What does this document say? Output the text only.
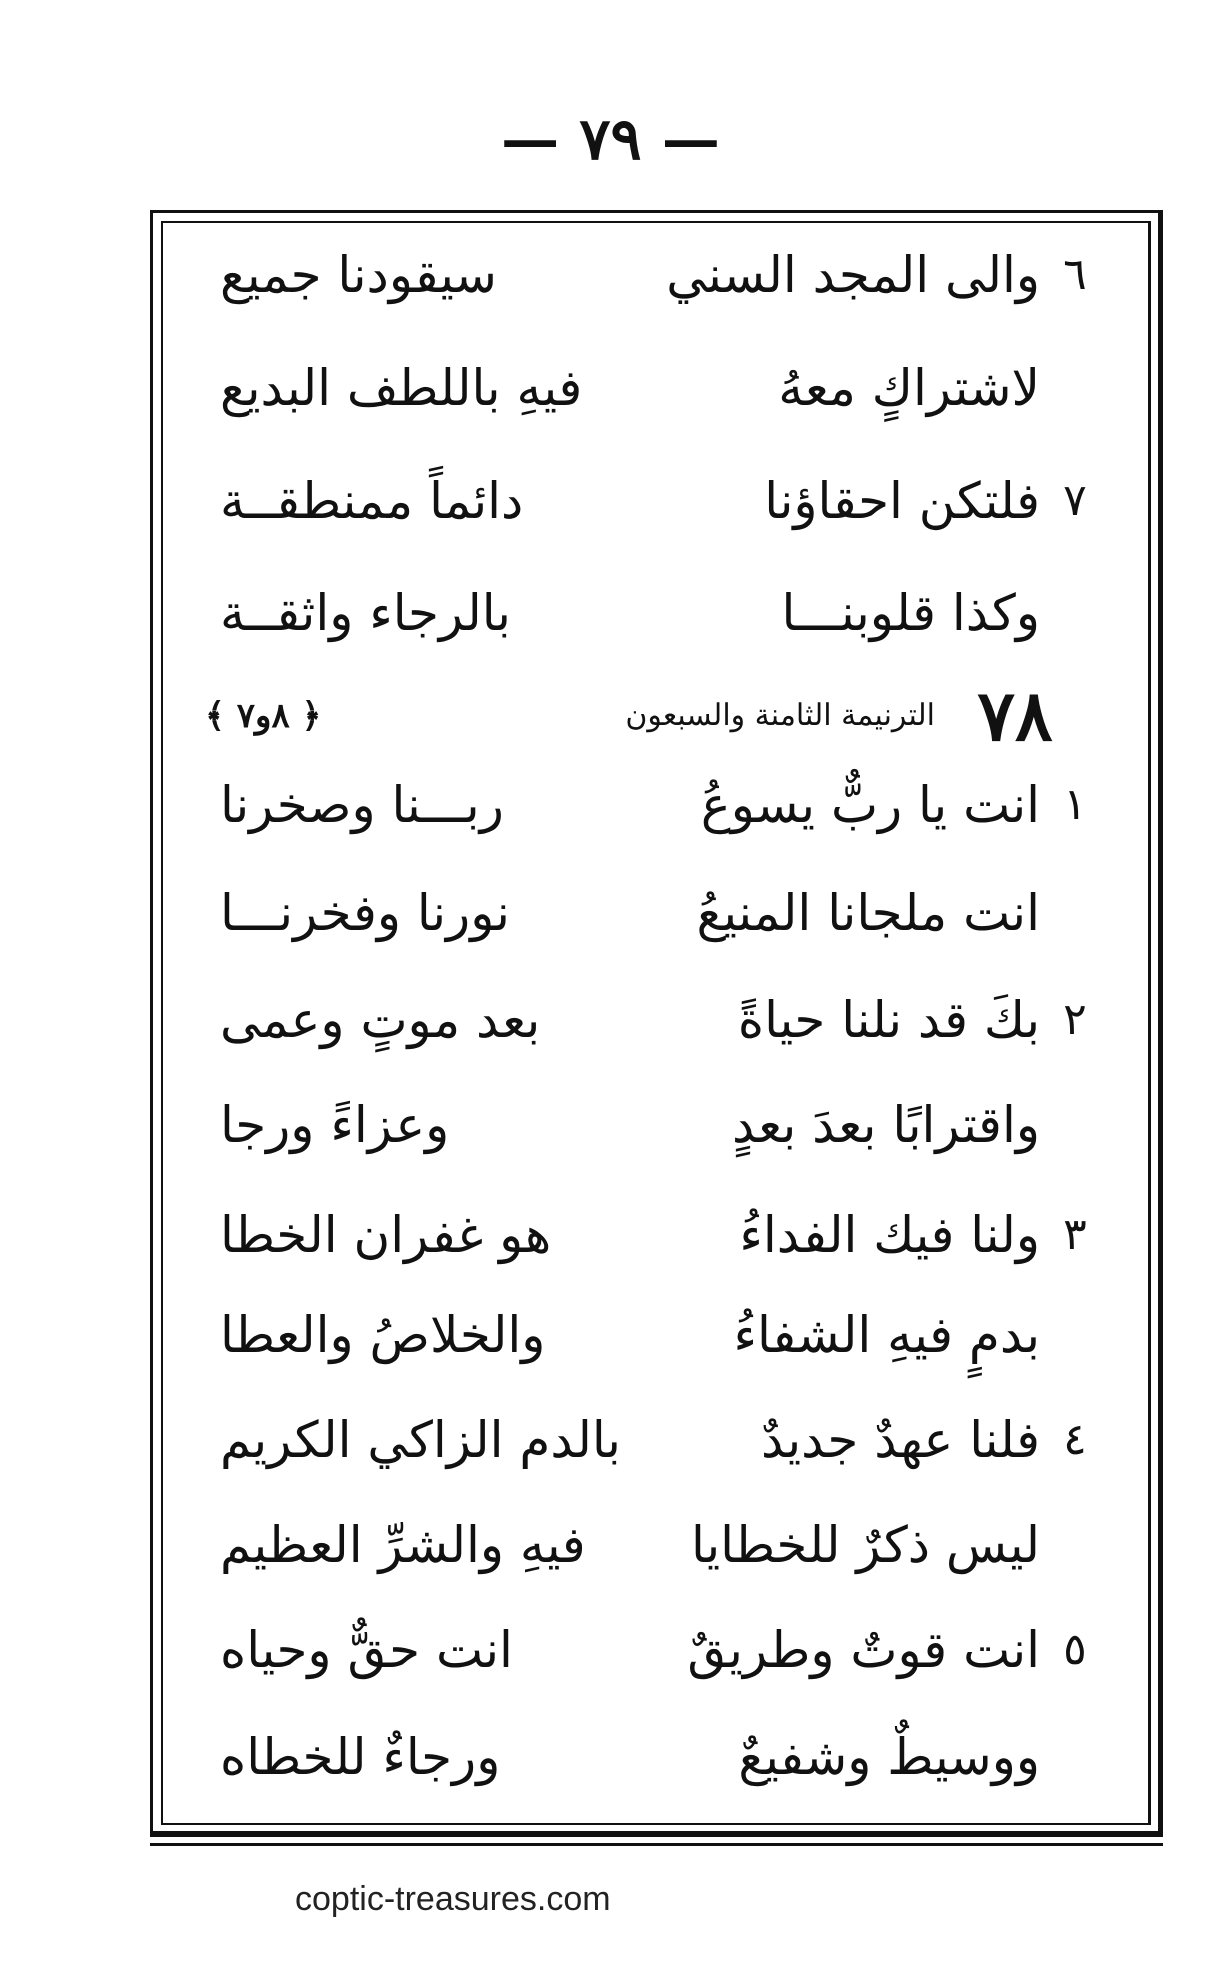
— ٧٩ —
٦
والى المجد السني
سيقودنا جميع
لاشتراكٍ معهُ
فيهِ باللطف البديع
٧
فلتكن احقاؤنا
دائماً ممنطقــة
وكذا قلوبنـــا
بالرجاء واثقــة
٧٨
الترنيمة الثامنة والسبعون
﴿ ٨و٧ ﴾
١
انت يا ربٌّ يسوعُ
ربـــنا وصخرنا
انت ملجانا المنيعُ
نورنا وفخرنـــا
٢
بكَ قد نلنا حياةً
بعد موتٍ وعمى
واقترابًا بعدَ بعدٍ
وعزاءً ورجا
٣
ولنا فيك الفداءُ
هو غفران الخطا
بدمٍ فيهِ الشفاءُ
والخلاصُ والعطا
٤
فلنا عهدٌ جديدٌ
بالدم الزاكي الكريم
ليس ذكرٌ للخطايا
فيهِ والشرِّ العظيم
٥
انت قوتٌ وطريقٌ
انت حقٌّ وحياه
ووسيطٌ وشفيعٌ
ورجاءٌ للخطاه
coptic-treasures.com
